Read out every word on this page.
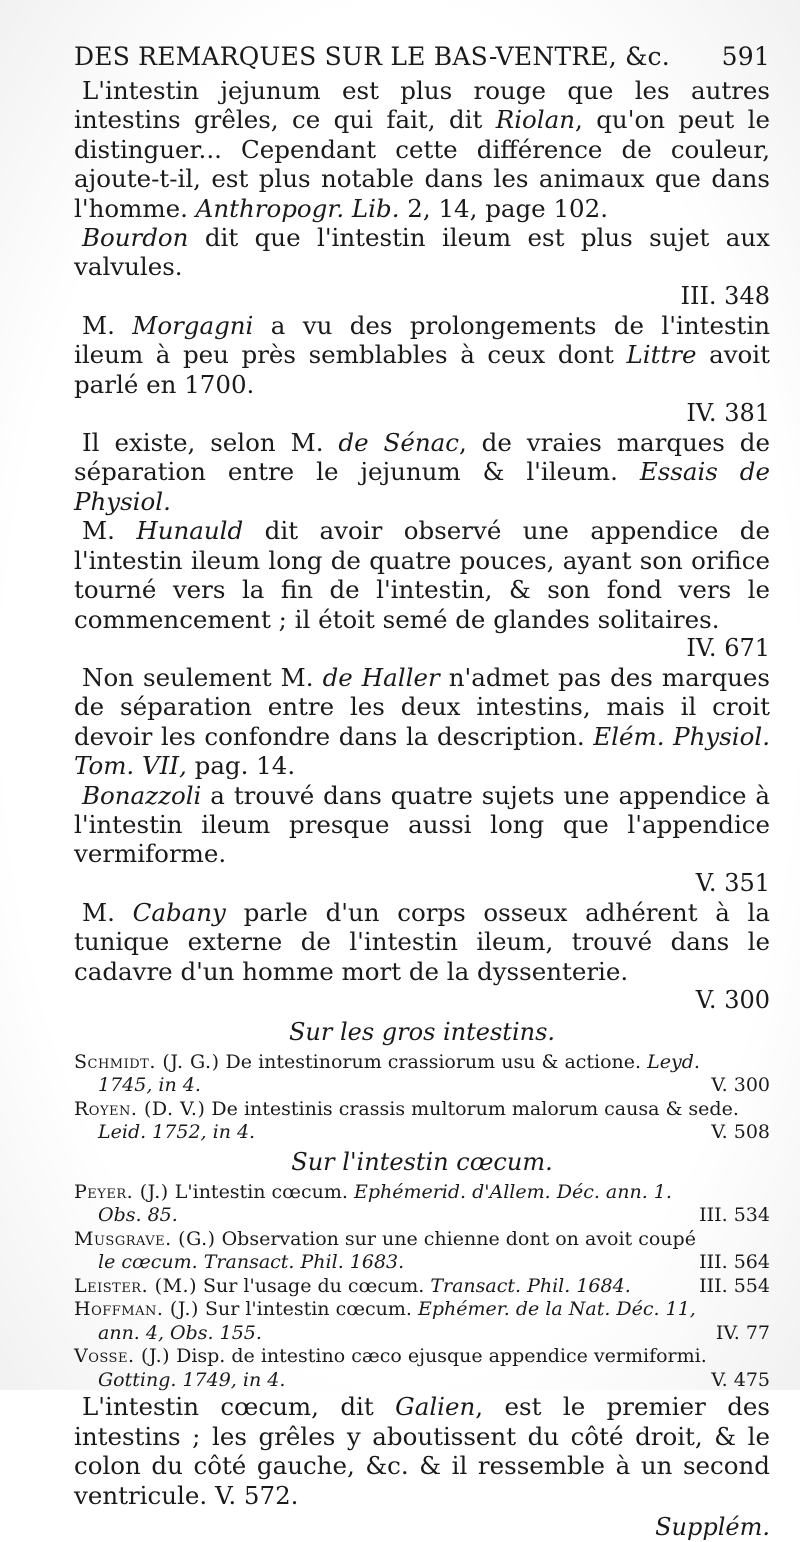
DES REMARQUES SUR LE BAS-VENTRE, &c. 591
L'intestin jejunum est plus rouge que les autres intestins grêles, ce qui fait, dit Riolan, qu'on peut le distinguer... Cependant cette différence de couleur, ajoute-t-il, est plus notable dans les animaux que dans l'homme. Anthropogr. Lib. 2, 14, page 102.
Bourdon dit que l'intestin ileum est plus sujet aux valvules.
III. 348
M. Morgagni a vu des prolongements de l'intestin ileum à peu près semblables à ceux dont Littre avoit parlé en 1700.
IV. 381
Il existe, selon M. de Sénac, de vraies marques de séparation entre le jejunum & l'ileum. Essais de Physiol.
M. Hunauld dit avoir observé une appendice de l'intestin ileum long de quatre pouces, ayant son orifice tourné vers la fin de l'intestin, & son fond vers le commencement ; il étoit semé de glandes solitaires.
IV. 671
Non seulement M. de Haller n'admet pas des marques de séparation entre les deux intestins, mais il croit devoir les confondre dans la description. Elém. Physiol. Tom. VII, pag. 14.
Bonazzoli a trouvé dans quatre sujets une appendice à l'intestin ileum presque aussi long que l'appendice vermiforme.
V. 351
M. Cabany parle d'un corps osseux adhérent à la tunique externe de l'intestin ileum, trouvé dans le cadavre d'un homme mort de la dyssenterie.
V. 300
Sur les gros intestins.
Schmidt. (J. G.) De intestinorum crassiorum usu & actione. Leyd.
1745, in 4.	V. 300
Royen. (D. V.) De intestinis crassis multorum malorum causa & sede.
Leid. 1752, in 4.	V. 508
Sur l'intestin cœcum.
Peyer. (J.) L'intestin cœcum. Ephémerid. d'Allem. Déc. ann. 1.
Obs. 85.	III. 534
Musgrave. (G.) Observation sur une chienne dont on avoit coupé
le cœcum. Transact. Phil. 1683.	III. 564
Leister. (M.) Sur l'usage du cœcum. Transact. Phil. 1684.	III. 554
Hoffman. (J.) Sur l'intestin cœcum. Ephémer. de la Nat. Déc. 11,
ann. 4, Obs. 155.	IV. 77
Vosse. (J.) Disp. de intestino cæco ejusque appendice vermiformi.
Gotting. 1749, in 4.	V. 475
L'intestin cœcum, dit Galien, est le premier des intestins ; les grêles y aboutissent du côté droit, & le colon du côté gauche, &c. & il ressemble à un second ventricule. V. 572.
Supplém.
